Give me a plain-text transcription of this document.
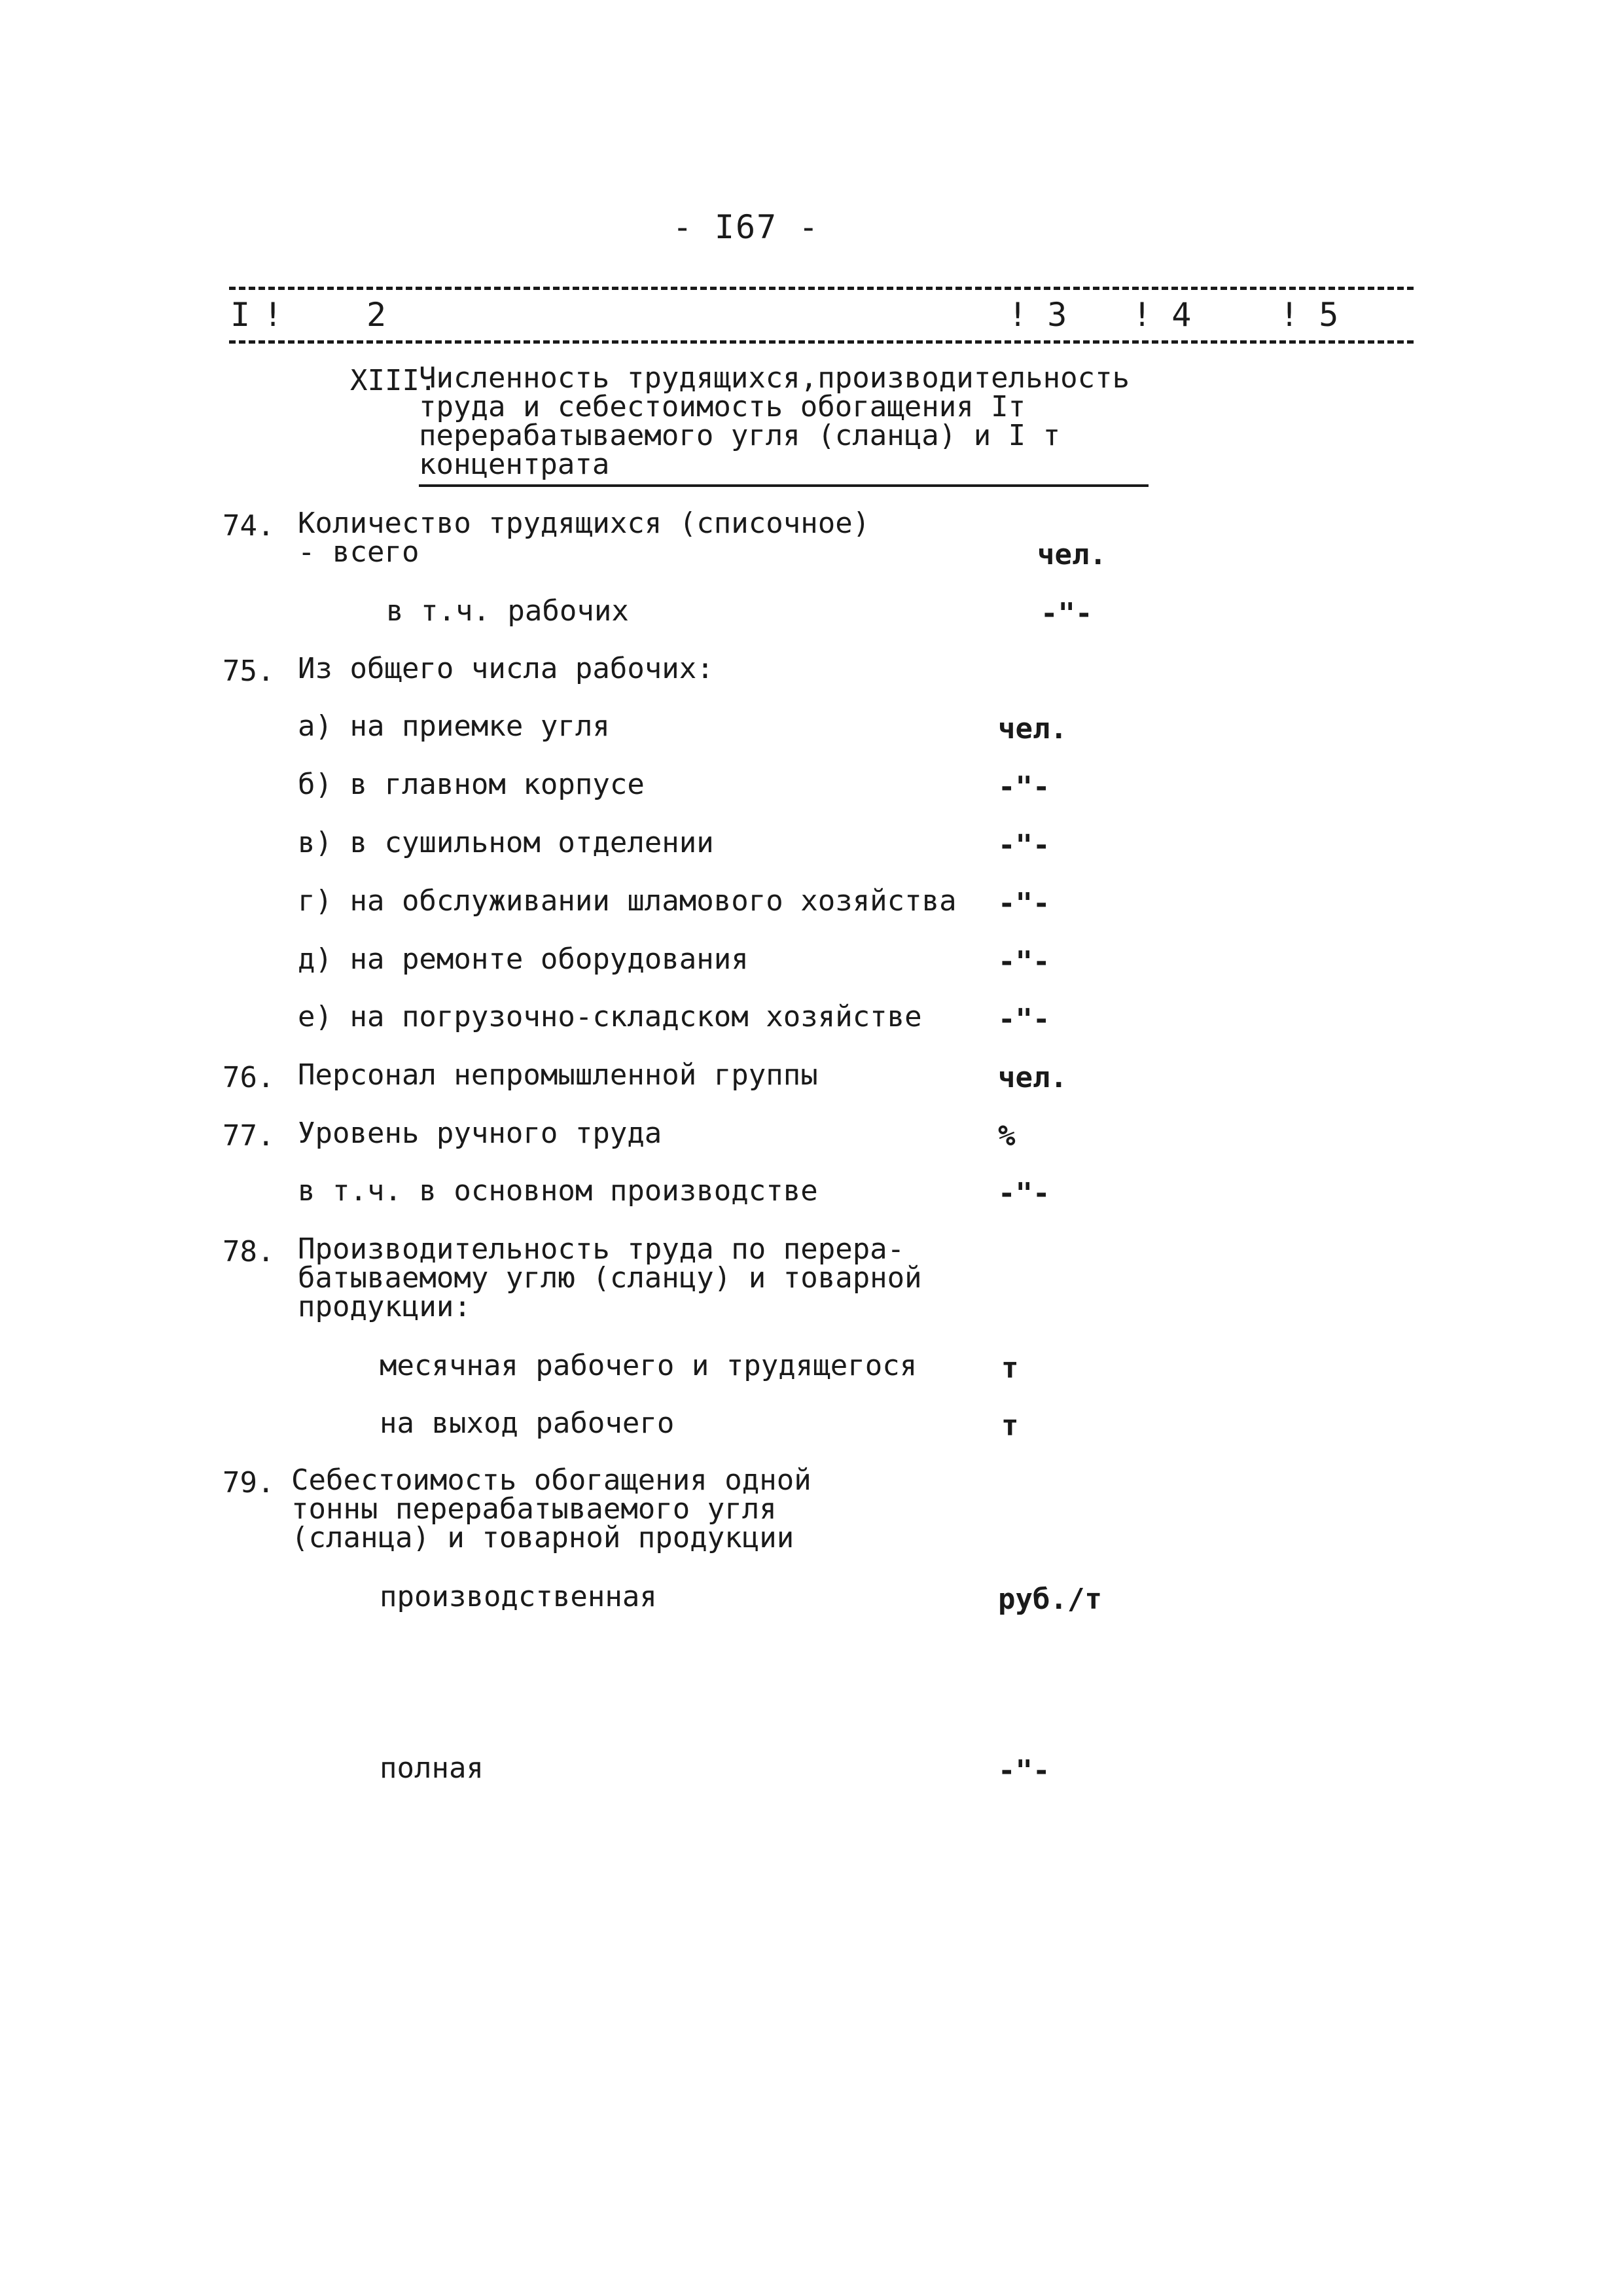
- I67 -
I !	2	! 3 ! 4	! 5
XIII.
Численность трудящихся,производительность
труда и себестоимость обогащения Iт
перерабатываемого угля (сланца) и I т
концентрата
74. Количество трудящихся (списочное)
- всего	чел.
в т.ч. рабочих	-"-
75. Из общего числа рабочих:
а) на приемке угля	чел.
б) в главном корпусе	-"-
в) в сушильном отделении	-"-
г) на обслуживании шламового хозяйства -"-
д) на ремонте оборудования	-"-
е) на погрузочно-складском хозяйстве	-"-
76. Персонал непромышленной группы	чел.
77. Уровень ручного труда	%
в т.ч. в основном производстве	-"-
78. Производительность труда по перера-
батываемому углю (сланцу) и товарной
продукции:
месячная рабочего и трудящегося	т
на выход рабочего	т
79. Себестоимость обогащения одной
тонны перерабатываемого угля
(сланца) и товарной продукции
производственная	руб./т
полная	-"-
